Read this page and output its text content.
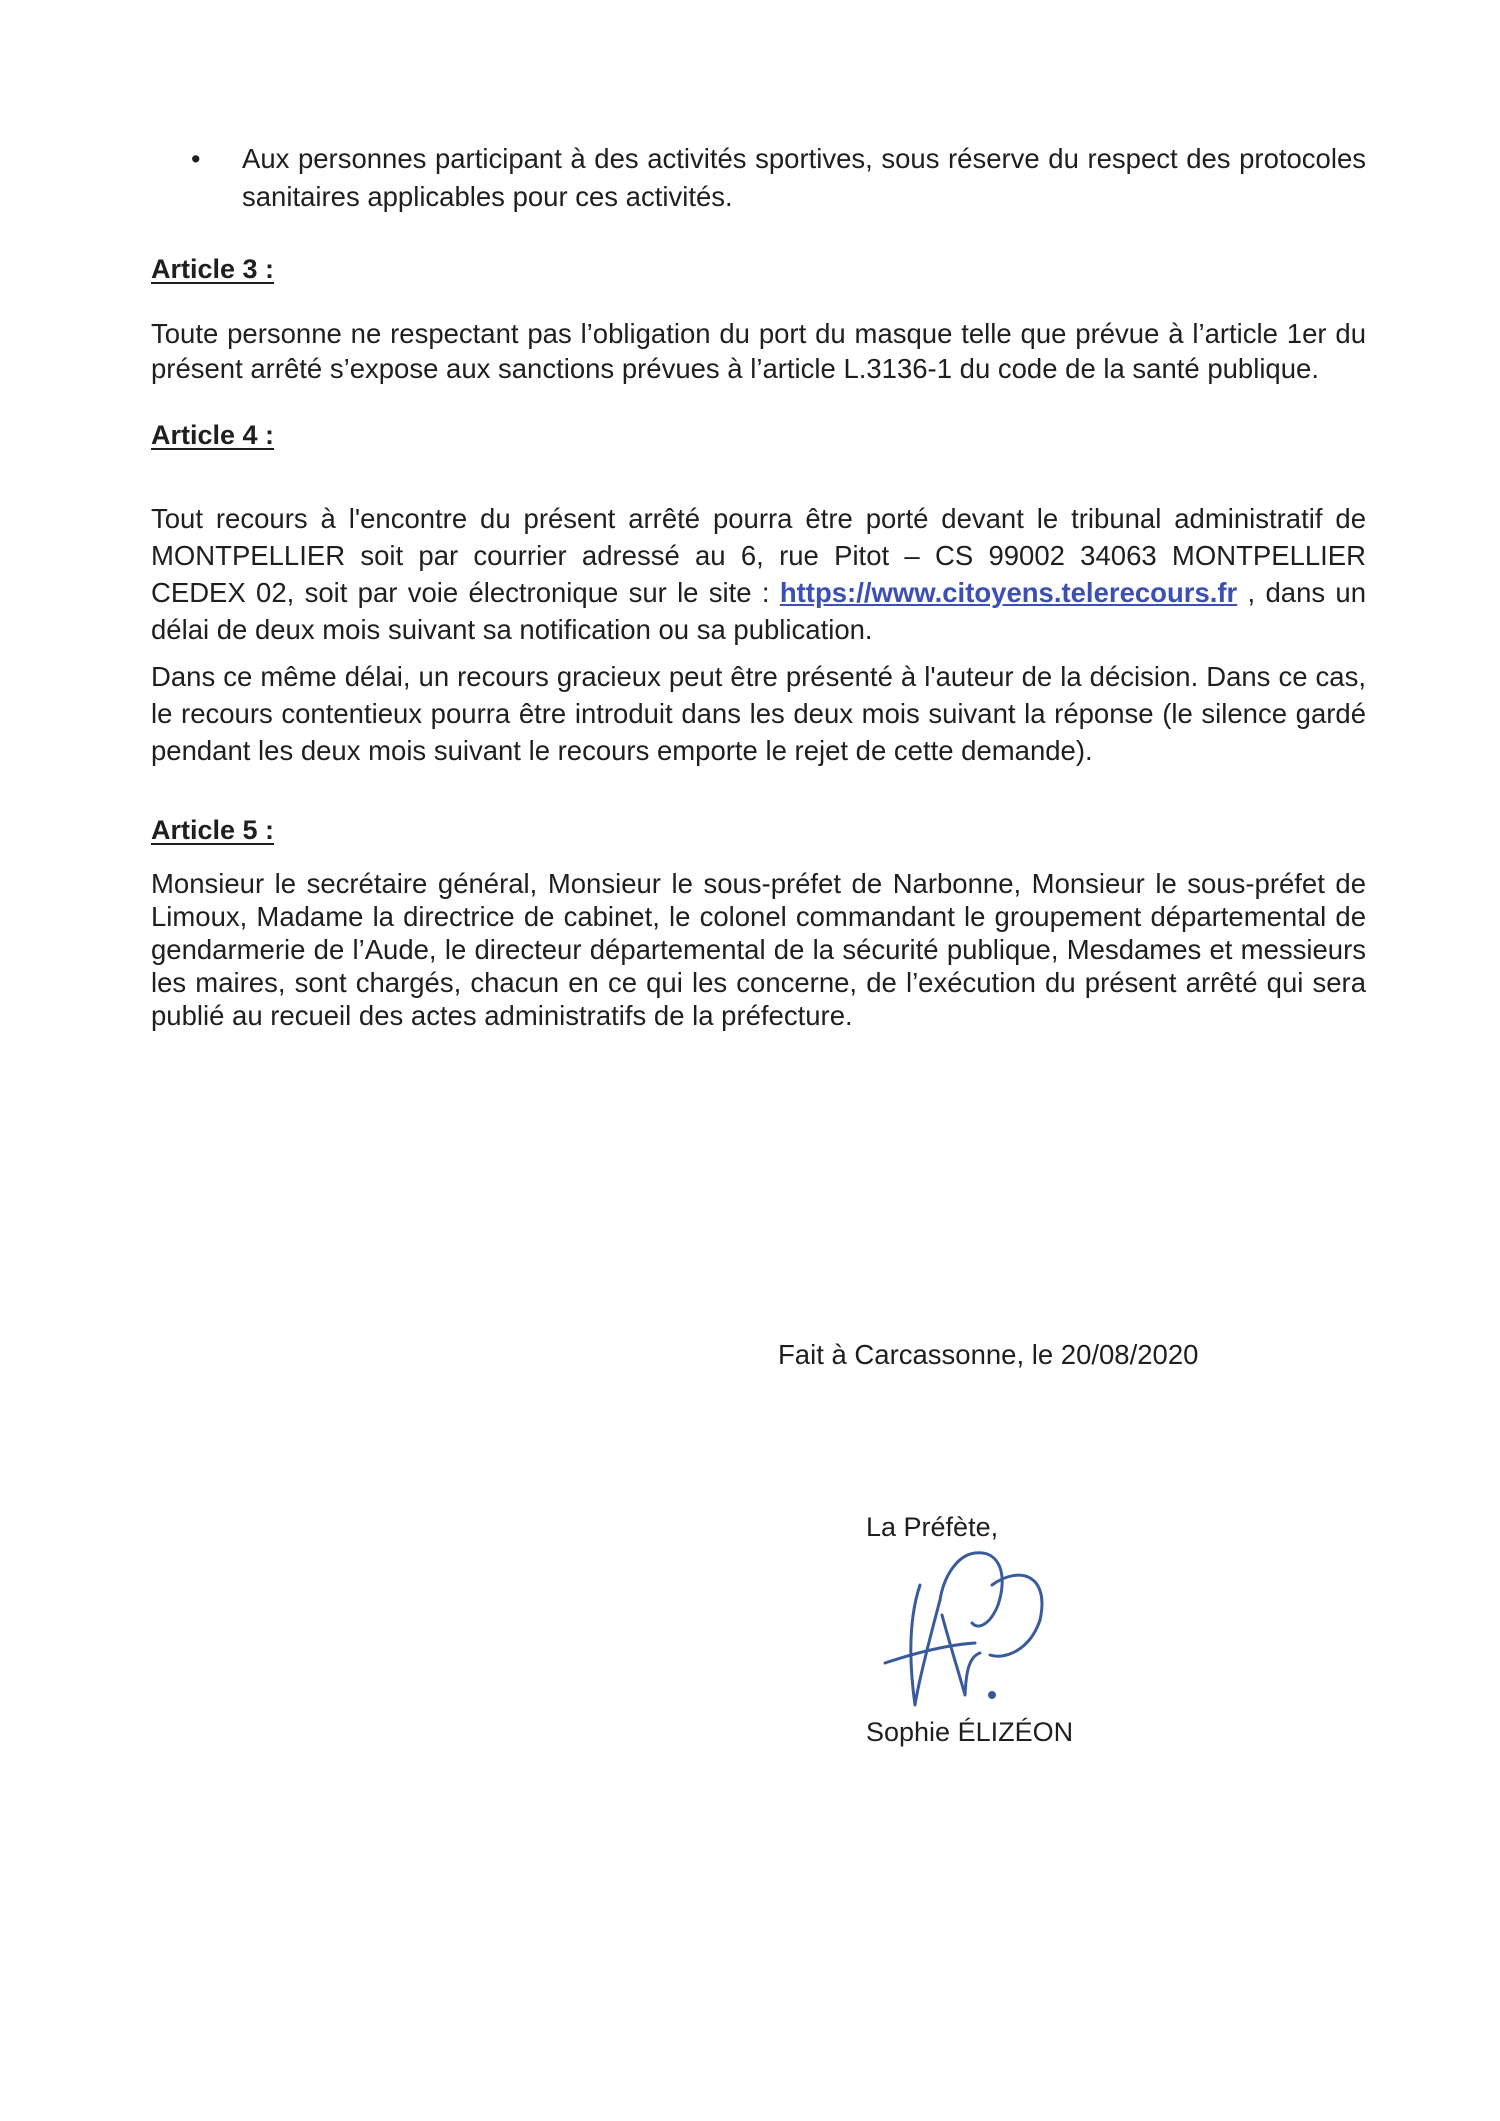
• Aux personnes participant à des activités sportives, sous réserve du respect des protocoles sanitaires applicables pour ces activités.
Article 3 :

Toute personne ne respectant pas l’obligation du port du masque telle que prévue à l’article 1er du présent arrêté s’expose aux sanctions prévues à l’article L.3136-1 du code de la santé publique.

Article 4 :

Tout recours à l'encontre du présent arrêté pourra être porté devant le tribunal administratif de MONTPELLIER soit par courrier adressé au 6, rue Pitot – CS 99002 34063 MONTPELLIER CEDEX 02, soit par voie électronique sur le site : https://www.citoyens.telerecours.fr , dans un délai de deux mois suivant sa notification ou sa publication.

Dans ce même délai, un recours gracieux peut être présenté à l'auteur de la décision. Dans ce cas, le recours contentieux pourra être introduit dans les deux mois suivant la réponse (le silence gardé pendant les deux mois suivant le recours emporte le rejet de cette demande).

Article 5 :

Monsieur le secrétaire général, Monsieur le sous-préfet de Narbonne, Monsieur le sous-préfet de Limoux, Madame la directrice de cabinet, le colonel commandant le groupement départemental de gendarmerie de l’Aude, le directeur départemental de la sécurité publique, Mesdames et messieurs les maires, sont chargés, chacun en ce qui les concerne, de l’exécution du présent arrêté qui sera publié au recueil des actes administratifs de la préfecture.

Fait à Carcassonne, le 20/08/2020
La Préfète,
Sophie ÉLIZÉON
